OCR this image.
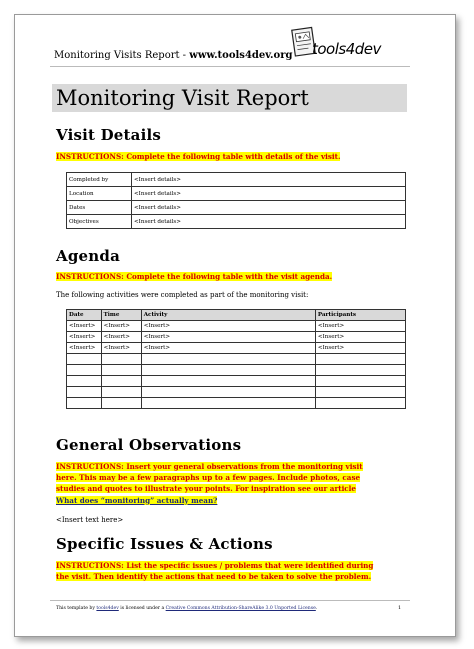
Monitoring Visits Report - www.tools4dev.org tools4dev
Monitoring Visit Report
Visit Details
INSTRUCTIONS: Complete the following table with details of the visit.
Completed by	<Insert details>
Location	<Insert details>
Dates	<Insert details>
Objectives	<Insert details>
Agenda
INSTRUCTIONS: Complete the following table with the visit agenda.
The following activities were completed as part of the monitoring visit:
Date	Time	Activity	Participants
<Insert>	<Insert>	<Insert>	<Insert>
<Insert>	<Insert>	<Insert>	<Insert>
<Insert>	<Insert>	<Insert>	<Insert>

General Observations
INSTRUCTIONS: Insert your general observations from the monitoring visit
here. This may be a few paragraphs up to a few pages. Include photos, case
studies and quotes to illustrate your points. For inspiration see our article
What does “monitoring” actually mean?
<Insert text here>
Specific Issues & Actions
INSTRUCTIONS: List the specific issues / problems that were identified during
the visit. Then identify the actions that need to be taken to solve the problem.
This template by tools4dev is licensed under a Creative Commons Attribution-ShareAlike 3.0 Unported License.	1
